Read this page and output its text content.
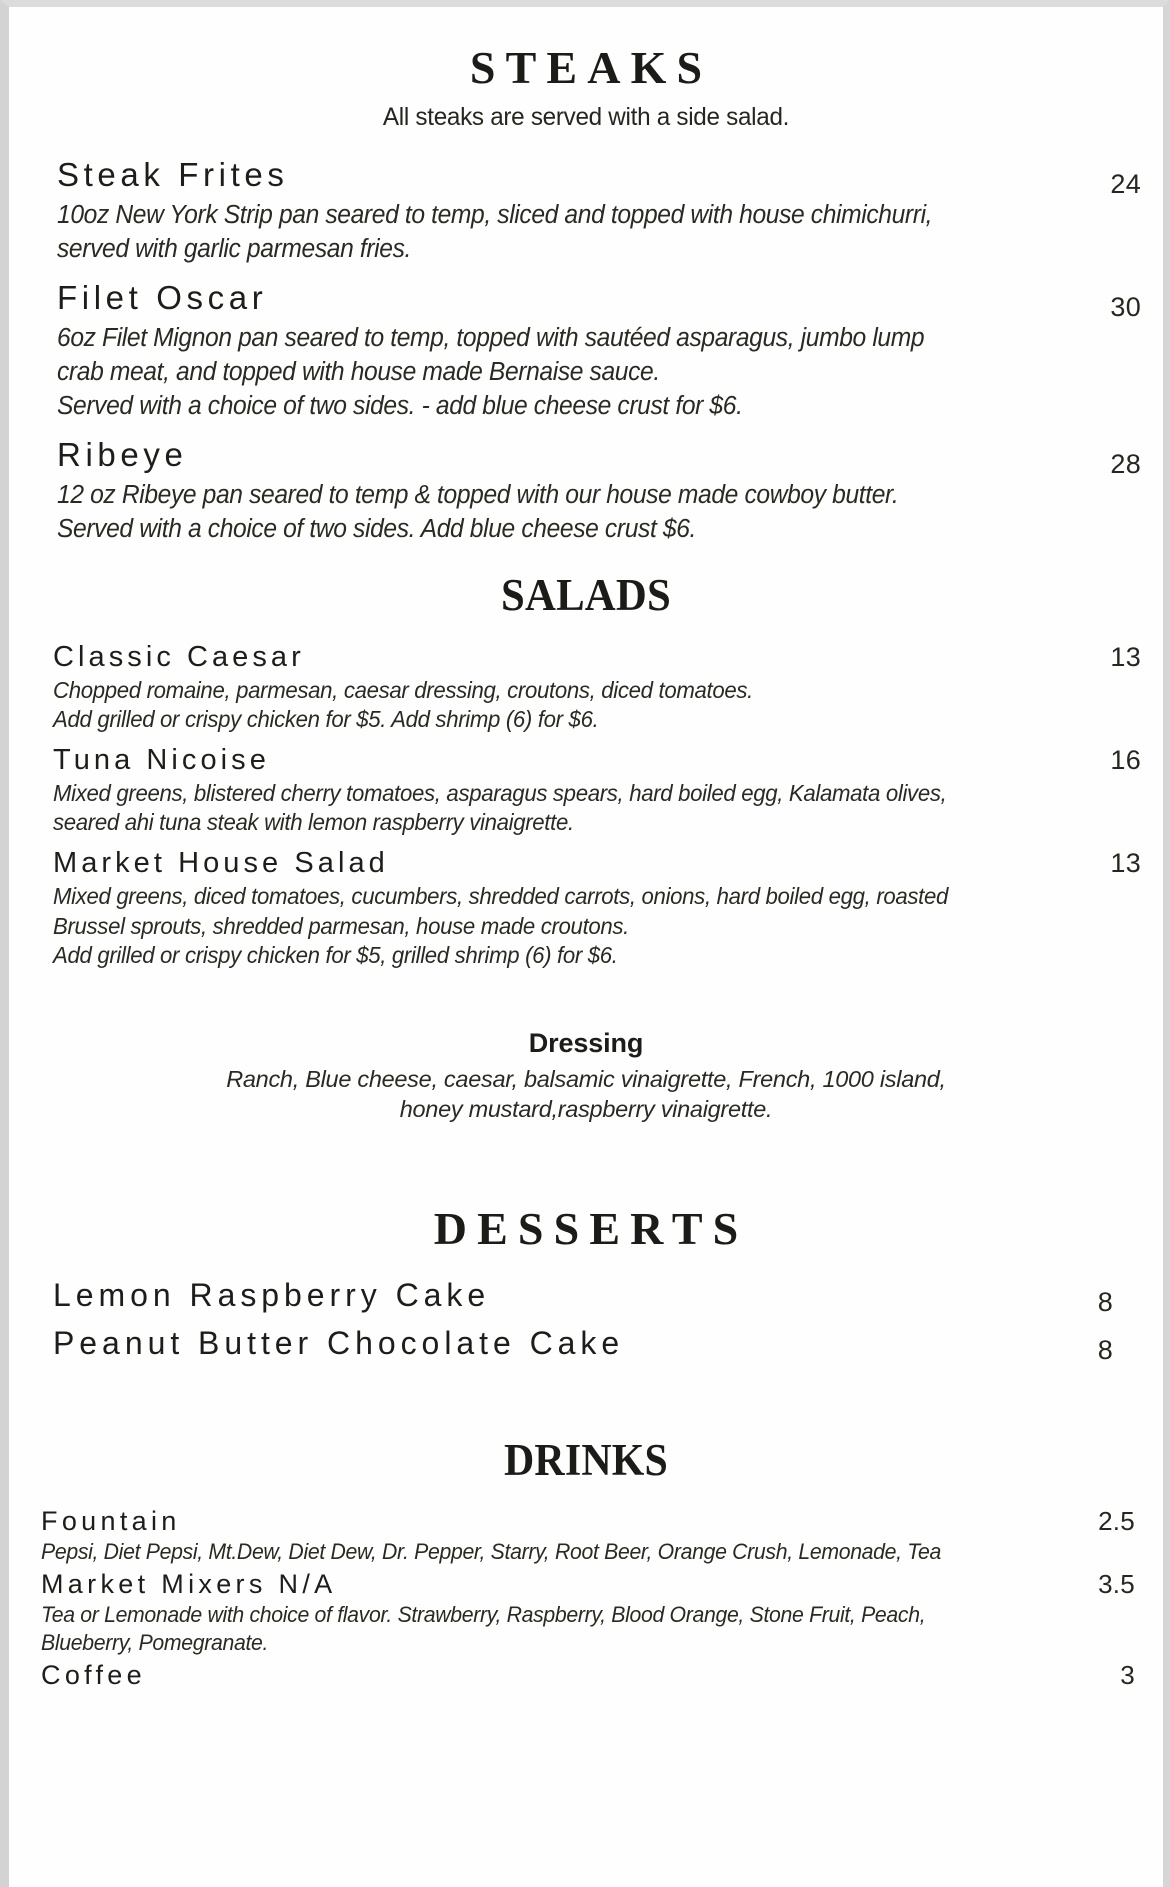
STEAKS
All steaks are served with a side salad.
Steak Frites	24
10oz New York Strip pan seared to temp, sliced and topped with house chimichurri,
served with garlic parmesan fries.
Filet Oscar	30
6oz Filet Mignon pan seared to temp, topped with sautéed asparagus, jumbo lump
crab meat, and topped with house made Bernaise sauce.
Served with a choice of two sides. - add blue cheese crust for $6.
Ribeye	28
12 oz Ribeye pan seared to temp & topped with our house made cowboy butter.
Served with a choice of two sides. Add blue cheese crust $6.
SALADS
Classic Caesar	13
Chopped romaine, parmesan, caesar dressing, croutons, diced tomatoes.
Add grilled or crispy chicken for $5. Add shrimp (6) for $6.
Tuna Nicoise	16
Mixed greens, blistered cherry tomatoes, asparagus spears, hard boiled egg, Kalamata olives,
seared ahi tuna steak with lemon raspberry vinaigrette.
Market House Salad	13
Mixed greens, diced tomatoes, cucumbers, shredded carrots, onions, hard boiled egg, roasted
Brussel sprouts, shredded parmesan, house made croutons.
Add grilled or crispy chicken for $5, grilled shrimp (6) for $6.
Dressing
Ranch, Blue cheese, caesar, balsamic vinaigrette, French, 1000 island,
honey mustard,raspberry vinaigrette.
DESSERTS
Lemon Raspberry Cake	8
Peanut Butter Chocolate Cake	8
DRINKS
Fountain	2.5
Pepsi, Diet Pepsi, Mt.Dew, Diet Dew, Dr. Pepper, Starry, Root Beer, Orange Crush, Lemonade, Tea
Market Mixers N/A	3.5
Tea or Lemonade with choice of flavor. Strawberry, Raspberry, Blood Orange, Stone Fruit, Peach,
Blueberry, Pomegranate.
Coffee	3
